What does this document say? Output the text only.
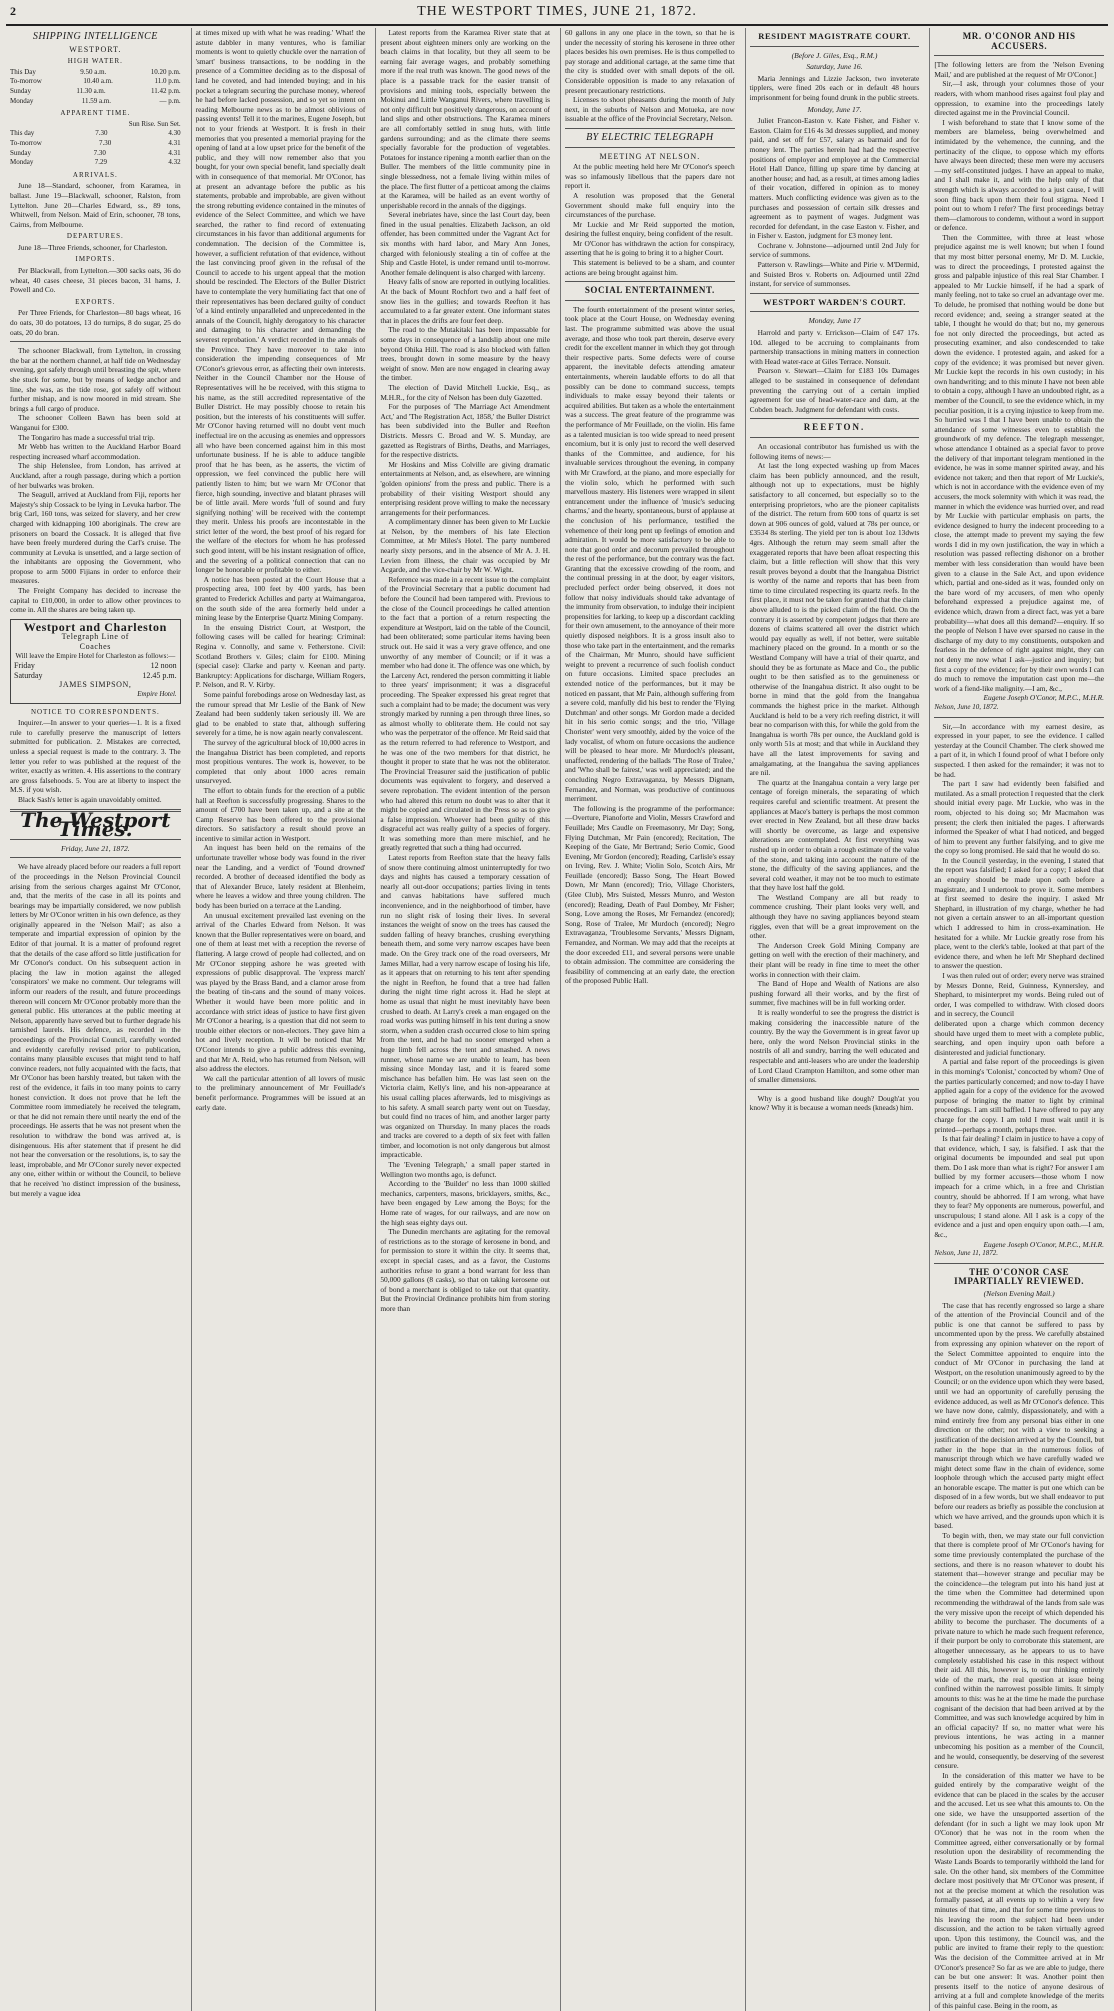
2	THE WESTPORT TIMES, JUNE 21, 1872.
SHIPPING INTELLIGENCE
WESTPORT.
HIGH WATER.
This Day	9.50 a.m.	10.20 p.m.
To-morrow	10.40 a.m.	11.0 p.m.
Sunday	11.30 a.m.	11.42 p.m.
Monday	11.59 a.m.	— p.m.
APPARENT TIME.
Sun Rise. Sun Set.
This day	7.30	4.30
To-morrow	7.30	4.31
Sunday	7.30	4.31
Monday	7.29	4.32
ARRIVALS.

June 18—Standard, schooner, from Karamea, in ballast. June 19—Blackwall, schooner, Ralston, from Lyttelton. June 20—Charles Edward, ss., 89 tons, Whitwell, from Nelson. Maid of Erin, schooner, 78 tons, Cairns, from Melbourne.

DEPARTURES.

June 18—Three Friends, schooner, for Charleston.

IMPORTS.

Per Blackwall, from Lyttelton.—300 sacks oats, 36 do wheat, 40 cases cheese, 31 pieces bacon, 31 hams, J. Powell and Co.

EXPORTS.

Per Three Friends, for Charleston—80 bags wheat, 16 do oats, 30 do potatoes, 13 do turnips, 8 do sugar, 25 do oats, 20 do bran.

The schooner Blackwall, from Lyttelton, in crossing the bar at the northern channel, at half tide on Wednesday evening, got safely through until breasting the spit, where she stuck for some, but by means of kedge anchor and line, she was, as the tide rose, got safely off without further mishap, and is now moored in mid stream. She brings a full cargo of produce.

The schooner Colleen Bawn has been sold at Wanganui for £300.

The Tongariro has made a successful trial trip.

Mr Webb has written to the Auckland Harbor Board respecting increased wharf accommodation.

The ship Helenslee, from London, has arrived at Auckland, after a rough passage, during which a portion of her bulwarks was broken.

The Seagull, arrived at Auckland from Fiji, reports her Majesty's ship Cossack to be lying in Levuka harbor. The brig Carl, 160 tons, was seized for slavery, and her crew charged with kidnapping 100 aboriginals. The crew are prisoners on board the Cossack. It is alleged that five have been freely murdered during the Carl's cruise. The community at Levuka is unsettled, and a large section of the inhabitants are opposing the Government, who propose to arm 5000 Fijians in order to enforce their measures.

The Freight Company has decided to increase the capital to £10,000, in order to allow other provinces to come in. All the shares are being taken up.

Westport and Charleston
Telegraph Line of
Coaches
Will leave the Empire Hotel for Charleston as follows:—
Friday	12 noon
Saturday	12.45 p.m.
JAMES SIMPSON,
Empire Hotel.
NOTICE TO CORRESPONDENTS.

Inquirer.—In answer to your queries—1. It is a fixed rule to carefully preserve the manuscript of letters submitted for publication. 2. Mistakes are corrected, unless a special request is made to the contrary. 3. The letter you refer to was published at the request of the writer, exactly as written. 4. His assertions to the contrary are gross falsehoods. 5. You are at liberty to inspect the M.S. if you wish.

Black Sash's letter is again unavoidably omitted.

The Westport Times.
Friday, June 21, 1872.

We have already placed before our readers a full report of the proceedings in the Nelson Provincial Council arising from the serious charges against Mr O'Conor, and, that the merits of the case in all its points and bearings may be impartially considered, we now publish letters by Mr O'Conor written in his own defence, as they originally appeared in the 'Nelson Mail'; as also a temperate and impartial expression of opinion by the Editor of that journal. It is a matter of profound regret that the details of the case afford so little justification for Mr O'Conor's conduct. On his subsequent action in placing the law in motion against the alleged 'conspirators' we make no comment. Our telegrams will inform our readers of the result, and future proceedings thereon will concern Mr O'Conor probably more than the general public. His utterances at the public meeting at Nelson, apparently have served but to further degrade his tarnished laurels. His defence, as recorded in the proceedings of the Provincial Council, carefully worded and evidently carefully revised prior to publication, contains many plausible excuses that might tend to half convince readers, not fully acquainted with the facts, that Mr O'Conor has been harshly treated, but taken with the rest of the evidence, it fails in too many points to carry honest conviction. It does not prove that he left the Committee room immediately he received the telegram, or that he did not remain there until nearly the end of the proceedings. He asserts that he was not present when the resolution to withdraw the bond was arrived at, is disingenuous. His after statement that if present he did not hear the conversation or the resolutions, is, to say the least, improbable, and Mr O'Conor surely never expected any one, either within or without the Council, to believe that he received 'no distinct impression of the business, but merely a vague idea

at times mixed up with what he was reading.' What! the astute dabbler in many ventures, who is familiar moments is wont to quietly chuckle over the narration of 'smart' business transactions, to be nodding in the presence of a Committee deciding as to the disposal of land he coveted, and had intended buying; and in his pocket a telegram securing the purchase money, whereof he had before lacked possession, and so yet so intent on reading Melbourne news as to be almost oblivious of passing events! Tell it to the marines, Eugene Joseph, but not to your friends at Westport. It is fresh in their memories that you presented a memorial praying for the opening of land at a low upset price for the benefit of the public, and they will now remember also that you bought, for your own special benefit, land specially dealt with in consequence of that memorial. Mr O'Conor, has at present an advantage before the public as his statements, probable and improbable, are given without the strong rebutting evidence contained in the minutes of evidence of the Select Committee, and which we have searched, the rather to find record of extenuating circumstances in his favor than additional arguments for condemnation. The decision of the Committee is, however, a sufficient refutation of that evidence, without the last convincing proof given in the refusal of the Council to accede to his urgent appeal that the motion should be rescinded. The Electors of the Buller District have to contemplate the very humiliating fact that one of their representatives has been declared guilty of conduct 'of a kind entirely unparalleled and unprecedented in the annals of the Council, highly derogatory to his character and damaging to his character and demanding the severest reprobation.' A verdict recorded in the annals of the Province. They have moreover to take into consideration the impending consequences of Mr O'Conor's grievous error, as affecting their own interests. Neither in the Council Chamber nor the House of Representatives will he be received, with this stigma to his name, as the still accredited representative of the Buller District. He may possibly choose to retain his position, but the interests of his constituents will suffer. Mr O'Conor having returned will no doubt vent much ineffectual ire on the accusing as enemies and oppressors all who have been concerned against him in this most unfortunate business. If he is able to adduce tangible proof that he has been, as he asserts, the victim of oppression, we feel convinced the public here will patiently listen to him; but we warn Mr O'Conor that fierce, high sounding, invective and blatant phrases will be of little avail. Mere words 'full of sound and fury signifying nothing' will be received with the contempt they merit. Unless his proofs are incontestable in the strict letter of the word, the best proof of his regard for the welfare of the electors for whom he has professed such good intent, will be his instant resignation of office, and the severing of a political connection that can no longer be honorable or profitable to either.

A notice has been posted at the Court House that a prospecting area, 100 feet by 400 yards, has been granted to Frederick Achilles and party at Waimangaroa, on the south side of the area formerly held under a mining lease by the Enterprise Quartz Mining Company.

In the ensuing District Court, at Westport, the following cases will be called for hearing: Criminal: Regina v. Connolly, and same v. Fetherstone. Civil: Scotland Brothers v. Giles; claim for £100. Mining (special case): Clarke and party v. Keenan and party. Bankruptcy: Applications for discharge, William Rogers, P. Nelson, and R. V. Kirby.

Some painful forebodings arose on Wednesday last, as the rumour spread that Mr Leslie of the Bank of New Zealand had been suddenly taken seriously ill. We are glad to be enabled to state that, although suffering severely for a time, he is now again nearly convalescent.

The survey of the agricultural block of 10,000 acres in the Inangahua District has been completed, and reports most propitious ventures. The work is, however, to be completed that only about 1000 acres remain unsurveyed.

The effort to obtain funds for the erection of a public hall at Reefton is successfully progressing. Shares to the amount of £700 have been taken up, and a site at the Camp Reserve has been offered to the provisional directors. So satisfactory a result should prove an incentive to similar action in Westport.

An inquest has been held on the remains of the unfortunate traveller whose body was found in the river near the Landing, and a verdict of 'Found drowned' recorded. A brother of deceased identified the body as that of Alexander Bruce, lately resident at Blenheim, where he leaves a widow and three young children. The body has been buried on a terrace at the Landing.

An unusual excitement prevailed last evening on the arrival of the Charles Edward from Nelson. It was known that the Buller representatives were on board, and one of them at least met with a reception the reverse of flattering. A large crowd of people had collected, and on Mr O'Conor stepping ashore he was greeted with expressions of public disapproval. The 'express march' was played by the Brass Band, and a clamor arose from the beating of tin-cans and the sound of many voices. Whether it would have been more politic and in accordance with strict ideas of justice to have first given Mr O'Conor a hearing, is a question that did not seem to trouble either electors or non-electors. They gave him a hot and lively reception. It will be noticed that Mr O'Conor intends to give a public address this evening, and that Mr A. Reid, who has returned from Nelson, will also address the electors.

We call the particular attention of all lovers of music to the preliminary announcement of Mr Feuillade's benefit performance. Programmes will be issued at an early date.

Latest reports from the Karamea River state that at present about eighteen miners only are working on the beach claims in that locality, but they all seem to be earning fair average wages, and probably something more if the real truth was known. The good news of the place is a passable track for the easier transit of provisions and mining tools, especially between the Mokinui and Little Wanganui Rivers, where travelling is not only difficult but positively dangerous, on account of land slips and other obstructions. The Karamea miners are all comfortably settled in snug huts, with little gardens surrounding; and as the climate there seems specially favorable for the production of vegetables. Potatoes for instance ripening a month earlier than on the Buller. The members of the little community pine in single blessedness, not a female living within miles of the place. The first flutter of a petticoat among the claims at the Karamea, will be hailed as an event worthy of unperishable record in the annals of the diggings.

Several inebriates have, since the last Court day, been fined in the usual penalties. Elizabeth Jackson, an old offender, has been committed under the Vagrant Act for six months with hard labor, and Mary Ann Jones, charged with feloniously stealing a tin of coffee at the Ship and Castle Hotel, is under remand until to-morrow. Another female delinquent is also charged with larceny.

Heavy falls of snow are reported in outlying localities. At the back of Mount Rochfort two and a half feet of snow lies in the gullies; and towards Reefton it has accumulated to a far greater extent. One informant states that in places the drifts are four feet deep.

The road to the Mutakitaki has been impassable for some days in consequence of a landslip about one mile beyond Ohika Hill. The road is also blocked with fallen trees, brought down in some measure by the heavy weight of snow. Men are now engaged in clearing away the timber.

The election of David Mitchell Luckie, Esq., as M.H.R., for the city of Nelson has been duly Gazetted.

For the purposes of 'The Marriage Act Amendment Act,' and 'The Registration Act, 1858,' the Buller District has been subdivided into the Buller and Reefton Districts. Messrs C. Broad and W. S. Munday, are gazetted as Registrars of Births, Deaths, and Marriages, for the respective districts.

Mr Hoskins and Miss Colville are giving dramatic entertainments at Nelson, and, as elsewhere, are winning 'golden opinions' from the press and public. There is a probability of their visiting Westport should any enterprising resident prove willing to make the necessary arrangements for their performances.

A complimentary dinner has been given to Mr Luckie at Nelson, by the members of his late Election Committee, at Mr Miles's Hotel. The party numbered nearly sixty persons, and in the absence of Mr A. J. H. Levien from illness, the chair was occupied by Mr Acgarde, and the vice-chair by Mr W. Wight.

Reference was made in a recent issue to the complaint of the Provincial Secretary that a public document had before the Council had been tampered with. Previous to the close of the Council proceedings he called attention to the fact that a portion of a return respecting the expenditure at Westport, laid on the table of the Council, had been obliterated; some particular items having been struck out. He said it was a very grave offence, and one unworthy of any member of Council; or if it was a member who had done it. The offence was one which, by the Larceny Act, rendered the person committing it liable to three years' imprisonment; it was a disgraceful proceeding. The Speaker expressed his great regret that such a complaint had to be made; the document was very strongly marked by running a pen through three lines, so as almost wholly to obliterate them. He could not say who was the perpetrator of the offence. Mr Reid said that as the return referred to had reference to Westport, and he was one of the two members for that district, he thought it proper to state that he was not the obliterator. The Provincial Treasurer said the justification of public documents was equivalent to forgery, and deserved a severe reprobation. The evident intention of the person who had altered this return no doubt was to alter that it might be copied and circulated in the Press so as to give a false impression. Whoever had been guilty of this disgraceful act was really guilty of a species of forgery. It was something more than mere mischief, and he greatly regretted that such a thing had occurred.

Latest reports from Reefton state that the heavy falls of snow there continuing almost uninterruptedly for two days and nights has caused a temporary cessation of nearly all out-door occupations; parties living in tents and canvas habitations have suffered much inconvenience, and in the neighborhood of timber, have run no slight risk of losing their lives. In several instances the weight of snow on the trees has caused the sudden falling of heavy branches, crushing everything beneath them, and some very narrow escapes have been made. On the Grey track one of the road overseers, Mr James Millar, had a very narrow escape of losing his life, as it appears that on returning to his tent after spending the night in Reefton, he found that a tree had fallen during the night time right across it. Had he slept at home as usual that night he must inevitably have been crushed to death. At Larry's creek a man engaged on the road works was putting himself in his tent during a snow storm, when a sudden crash occurred close to him spring from the tent, and he had no sooner emerged when a huge limb fell across the tent and smashed. A news runner, whose name we are unable to learn, has been missing since Monday last, and it is feared some mischance has befallen him. He was last seen on the Victoria claim, Kelly's line, and his non-appearance at his usual calling places afterwards, led to misgivings as to his safety. A small search party went out on Tuesday, but could find no traces of him, and another larger party was organized on Thursday. In many places the roads and tracks are covered to a depth of six feet with fallen timber, and locomotion is not only dangerous but almost impracticable.

The 'Evening Telegraph,' a small paper started in Wellington two months ago, is defunct.

According to the 'Builder' no less than 1000 skilled mechanics, carpenters, masons, bricklayers, smiths, &c., have been engaged by Lew among the Boys; for the Home rate of wages, for our railways, and are now on the high seas eighty days out.

The Dunedin merchants are agitating for the removal of restrictions as to the storage of kerosene in bond, and for permission to store it within the city. It seems that, except in special cases, and as a favor, the Customs authorities refuse to grant a bond warrant for less than 50,000 gallons (8 casks), so that on taking kerosene out of bond a merchant is obliged to take out that quantity. But the Provincial Ordinance prohibits him from storing more than

60 gallons in any one place in the town, so that he is under the necessity of storing his kerosene in three other places besides his own premises. He is thus compelled to pay storage and additional cartage, at the same time that the city is studded over with small depots of the oil. Considerable opposition is made to any relaxation of present precautionary restrictions.

Licenses to shoot pheasants during the month of July next, in the suburbs of Nelson and Motueka, are now issuable at the office of the Provincial Secretary, Nelson.

BY ELECTRIC TELEGRAPH
MEETING AT NELSON.

At the public meeting held here Mr O'Conor's speech was so infamously libellous that the papers dare not report it.

A resolution was proposed that the General Government should make full enquiry into the circumstances of the purchase.

Mr Luckie and Mr Reid supported the motion, desiring the fullest enquiry, being confident of the result.

Mr O'Conor has withdrawn the action for conspiracy, asserting that he is going to bring it to a higher Court.

This statement is believed to be a sham, and counter actions are being brought against him.

SOCIAL ENTERTAINMENT.

The fourth entertainment of the present winter series, took place at the Court House, on Wednesday evening last. The programme submitted was above the usual average, and those who took part therein, deserve every credit for the excellent manner in which they got through their respective parts. Some defects were of course apparent, the inevitable defects attending amateur entertainments, wherein laudable efforts to do all that possibly can be done to command success, tempts individuals to make essay beyond their talents or acquired abilities. But taken as a whole the entertainment was a success. The great feature of the programme was the performance of Mr Feuillade, on the violin. His fame as a talented musician is too wide spread to need present encomium, but it is only just to record the well deserved thanks of the Committee, and audience, for his invaluable services throughout the evening, in company with Mr Crawford, at the piano, and more especially for the violin solo, which he performed with such marvellous mastery. His listeners were wrapped in silent entrancement under the influence of 'music's seducing charms,' and the hearty, spontaneous, burst of applause at the conclusion of his performance, testified the vehemence of their long pent up feelings of emotion and admiration. It would be more satisfactory to be able to note that good order and decorum prevailed throughout the rest of the performance, but the contrary was the fact. Granting that the excessive crowding of the room, and the continual pressing in at the door, by eager visitors, precluded perfect order being observed, it does not follow that noisy individuals should take advantage of the immunity from observation, to indulge their incipient propensities for larking, to keep up a discordant cackling for their own amusement, to the annoyance of their more quietly disposed neighbors. It is a gross insult also to those who take part in the entertainment, and the remarks of the Chairman, Mr Munro, should have sufficient weight to prevent a recurrence of such foolish conduct on future occasions. Limited space precludes an extended notice of the performances, but it may be noticed en passant, that Mr Pain, although suffering from a severe cold, manfully did his best to render the 'Flying Dutchman' and other songs. Mr Gordon made a decided hit in his serio comic songs; and the trio, 'Village Chorister' went very smoothly, aided by the voice of the lady vocalist, of whom on future occasions the audience will be pleased to hear more. Mr Murdoch's pleasant, unaffected, rendering of the ballads 'The Rose of Tralee,' and 'Who shall be fairest,' was well appreciated; and the concluding Negro Extravaganza, by Messrs Dignam, Fernandez, and Norman, was productive of continuous merriment.

The following is the programme of the performance:—Overture, Pianoforte and Violin, Messrs Crawford and Feuillade; Mrs Caudle on Freemasonry, Mr Day; Song, Flying Dutchman, Mr Pain (encored); Recitation, The Keeping of the Gate, Mr Bertrand; Serio Comic, Good Evening, Mr Gordon (encored); Reading, Carlisle's essay on Irving, Rev. J. White; Violin Solo, Scotch Airs, Mr Feuillade (encored); Basso Song, The Heart Bowed Down, Mr Mann (encored); Trio, Village Choristers, (Glee Club), Mrs Suisted, Messrs Munro, and Weston (encored); Reading, Death of Paul Dombey, Mr Fisher; Song, Love among the Roses, Mr Fernandez (encored); Song, Rose of Tralee, Mr Murdoch (encored); Negro Extravaganza, 'Troublesome Servants,' Messrs Dignam, Fernandez, and Norman. We may add that the receipts at the door exceeded £11, and several persons were unable to obtain admission. The committee are considering the feasibility of commencing at an early date, the erection of the proposed Public Hall.

RESIDENT MAGISTRATE COURT.
(Before J. Giles, Esq., R.M.)
Saturday, June 16.

Maria Jennings and Lizzie Jackson, two inveterate tipplers, were fined 20s each or in default 48 hours imprisonment for being found drunk in the public streets.

Monday, June 17.

Juliet Francon-Easton v. Kate Fisher, and Fisher v. Easton. Claim for £16 4s 3d dresses supplied, and money paid, and set off for £57, salary as barmaid and for money lent. The parties herein had had the respective positions of employer and employee at the Commercial Hotel Hall Dance, filling up spare time by dancing at another house; and had, as a result, at times among ladies of their vocation, differed in opinion as to money matters. Much conflicting evidence was given as to the purchases and possession of certain silk dresses and agreement as to payment of wages. Judgment was recorded for defendant, in the case Easton v. Fisher, and in Fisher v. Easton, judgment for £3 money lent.

Cochrane v. Johnstone—adjourned until 2nd July for service of summons.

Patterson v. Rawlings—White and Pirie v. M'Dermid, and Suisted Bros v. Roberts on. Adjourned until 22nd instant, for service of summonses.

WESTPORT WARDEN'S COURT.
Monday, June 17

Harrold and party v. Errickson—Claim of £47 17s. 10d. alleged to be accruing to complainants from partnership transactions in mining matters in connection with Head water-race at Giles Terrace. Nonsuit.

Pearson v. Stewart—Claim for £183 10s Damages alleged to be sustained in consequence of defendant preventing the carrying out of a certain implied agreement for use of head-water-race and dam, at the Cobden beach. Judgment for defendant with costs.

REEFTON.

An occasional contributor has furnished us with the following items of news:—

At last the long expected washing up from Maces claim has been publicly announced, and the result, although not up to expectations, must be highly satisfactory to all concerned, but especially so to the enterprising proprietors, who are the pioneer capitalists of the district. The return from 600 tons of quartz is set down at 906 ounces of gold, valued at 78s per ounce, or £3534 8s sterling. The yield per ton is about 1oz 13dwts 4grs. Although the return may seem small after the exaggerated reports that have been afloat respecting this claim, but a little reflection will show that this very result proves beyond a doubt that the Inangahua District is worthy of the name and reports that has been from time to time circulated respecting its quartz reefs. In the first place, it must not be taken for granted that the claim above alluded to is the picked claim of the field. On the contrary it is asserted by competent judges that there are dozens of claims scattered all over the district which would pay equally as well, if not better, were suitable machinery placed on the ground. In a month or so the Westland Company will have a trial of their quartz, and should they be as fortunate as Mace and Co., the public ought to be then satisfied as to the genuineness or otherwise of the Inangahua district. It also ought to be borne in mind that the gold from the Inangahua commands the highest price in the market. Although Auckland is held to be a very rich reefing district, it will bear no comparison with this, for while the gold from the Inangahua is worth 78s per ounce, the Auckland gold is only worth 51s at most; and that while in Auckland they have all the latest improvements for saving and amalgamating, at the Inangahua the saving appliances are nil.

The quartz at the Inangahua contain a very large per centage of foreign minerals, the separating of which requires careful and scientific treatment. At present the appliances at Mace's battery is perhaps the most common ever erected in New Zealand, but all these draw backs will shortly be overcome, as large and expensive alterations are contemplated. At first everything was rushed up in order to obtain a rough estimate of the value of the stone, and taking into account the nature of the stone, the difficulty of the saving appliances, and the several cold weather, it may not be too much to estimate that they have lost half the gold.

The Westland Company are all but ready to commence crushing. Their plant looks very well, and although they have no saving appliances beyond steam riggles, even that will be a great improvement on the other.

The Anderson Creek Gold Mining Company are getting on well with the erection of their machinery, and their plant will be ready in fine time to meet the other works in connection with their claim.

The Band of Hope and Wealth of Nations are also pushing forward all their works, and by the first of summer, five machines will be in full working order.

It is really wonderful to see the progress the district is making considering the inaccessible nature of the country. By the way the Government is in great favor up here, only the word Nelson Provincial stinks in the nostrils of all and sundry, barring the well educated and respectable and anti-leasers who are under the leadership of Lord Claud Crampton Hamilton, and some other man of smaller dimensions.

Why is a good husband like dough? Dough'at you know? Why it is because a woman needs (kneads) him.

MR. O'CONOR AND HIS ACCUSERS.

[The following letters are from the 'Nelson Evening Mail,' and are published at the request of Mr O'Conor.]

Sir,—I ask, through your columnes those of your readers, with whom manhood rises against foul play and oppression, to examine into the proceedings lately directed against me in the Provincial Council.

I wish beforehand to state that I know some of the members are blameless, being overwhelmed and intimidated by the vehemence, the cunning, and the pertinacity of the clique, to oppose which my efforts have always been directed; these men were my accusers —my self-constituted judges. I have an appeal to make, and I shall make it, and with the help only of that strength which is always accorded to a just cause, I will soon fling back upon them their foul stigma. Need I point out to whom I refer? The first proceedings betray them—clamorous to condemn, without a word in support or defence.

Then the Committee, with three at least whose prejudice against me is well known; but when I found that my most bitter personal enemy, Mr D. M. Luckie, was to direct the proceedings, I protested against the gross and palpable injustice of this real Star Chamber. I appealed to Mr Luckie himself, if he had a spark of manly feeling, not to take so cruel an advantage over me. To delude, he promised that nothing would be done but record evidence; and, seeing a stranger seated at the table, I thought he would do that; but no, my generous foe not only directed the proceedings, but acted as prosecuting examiner, and also condescended to take down the evidence. I protested again, and asked for a copy of the evidence; it was promised but never given. Mr Luckie kept the records in his own custody; in his own handwriting; and to this minute I have not been able to obtain a copy, although I have an undoubted right, as a member of the Council, to see the evidence which, in my peculiar position, it is a crying injustice to keep from me. So hurried was I that I have been unable to obtain the attendance of some witnesses even to establish the groundwork of my defence. The telegraph messenger, whose attendance I obtained as a special favor to prove the delivery of that important telegram mentioned in the evidence, he was in some manner spirited away, and his evidence not taken; and then that report of Mr Luckie's, which is not in accordance with the evidence even of my accusers, the mock solemnity with which it was read, the manner in which the evidence was hurried over, and read by Mr Luckie with particular emphasis on parts, the evidence designed to hurry the indecent proceeding to a close, the attempt made to prevent my saying the few words I did in my own justification, the way in which a resolution was passed reflecting dishonor on a brother member with less consideration than would have been given to a clause in the Sale Act, and upon evidence which, partial and one-sided as it was, founded only on the bare word of my accusers, of men who openly beforehand expressed a prejudice against me, of evidence which, drawn from a direct fact, was yet a bare probability—what does all this demand?—enquiry. If so the people of Nelson I have ever sparsed no cause in the discharge of my duty to my constituents, outspoken and fearless in the defence of right against might, they can not deny me now what I ask—justice and inquiry; but first a copy of the evidence; for by their own words I can do much to remove the imputation cast upon me—the work of a fiend-like malignity.—I am, &c.,

Eugene Joseph O'Conor, M.P.C., M.H.R.
Nelson, June 10, 1872.

Sir,—In accordance with my earnest desire, as expressed in your paper, to see the evidence. I called yesterday at the Council Chamber. The clerk showed me a part of it, in which I found proof of what I before only suspected. I then asked for the remainder; it was not to be had.

The part I saw had evidently been falsified and mutilated. As a small protection I requested that the clerk should initial every page. Mr Luckie, who was in the room, objected to his doing so; Mr Macmahon was present; the clerk then initialed the pages. I afterwards informed the Speaker of what I had noticed, and begged of him to prevent any further falsifying, and to give me the copy so long promised. He said that he would do so.

In the Council yesterday, in the evening, I stated that the report was falsified; I asked for a copy; I asked that an enquiry should be made upon oath before a magistrate, and I undertook to prove it. Some members at first seemed to desire the inquiry. I asked Mr Shephard, in illustration of my charge, whether he had not given a certain answer to an all-important question which I addressed to him in cross-examination. He hesitated for a while. Mr Luckie greatly rose from his place, went to the clerk's table, looked at that part of the evidence there, and when he left Mr Shephard declined to answer the question.

I was then ruled out of order; every nerve was strained by Messrs Donne, Reid, Guinness, Kynnersley, and Shephard, to misinterpret my words. Being ruled out of order, I was compelled to withdraw. With closed doors and in secrecy, the Council

deliberated upon a charge which common decency should have urged them to meet with a complete public, searching, and open inquiry upon oath before a disinterested and judicial functionary.

A partial and false report of the proceedings is given in this morning's 'Colonist,' concocted by whom? One of the parties particularly concerned; and now to-day I have applied again for a copy of the evidence for the avowed purpose of bringing the matter to light by criminal proceedings. I am still baffled. I have offered to pay any charge for the copy. I am told I must wait until it is printed—perhaps a month, perhaps three.

Is that fair dealing? I claim in justice to have a copy of that evidence, which, I say, is falsified. I ask that the original documents be impounded and seal put upon them. Do I ask more than what is right? For answer I am bullied by my former accusers—those whom I now impeach for a crime which, in a free and Christian country, should be abhorred. If I am wrong, what have they to fear? My opponents are numerous, powerful, and unscrupulous; I stand alone. All I ask is a copy of the evidence and a just and open enquiry upon oath.—I am, &c.,

Eugene Joseph O'Conor, M.P.C., M.H.R.
Nelson, June 11, 1872.
THE O'CONOR CASE IMPARTIALLY REVIEWED.
(Nelson Evening Mail.)

The case that has recently engrossed so large a share of the attention of the Provincial Council and of the public is one that cannot be suffered to pass by uncommented upon by the press. We carefully abstained from expressing any opinion whatever on the report of the Select Committee appointed to enquire into the conduct of Mr O'Conor in purchasing the land at Westport, on the resolution unanimously agreed to by the Council; or on the evidence upon which they were based, until we had an opportunity of carefully perusing the evidence adduced, as well as Mr O'Conor's defence. This we have now done, calmly, dispassionately, and with a mind entirely free from any personal bias either in one direction or the other; not with a view to seeking a justification of the decision arrived at by the Council, but rather in the hope that in the numerous folios of manuscript through which we have carefully waded we might detect some flaw in the chain of evidence, some loophole through which the accused party might effect an honorable escape. The matter is put one which can be disposed of in a few words, but we shall endeavor to put before our readers as briefly as possible the conclusion at which we have arrived, and the grounds upon which it is based.

To begin with, then, we may state our full conviction that there is complete proof of Mr O'Conor's having for some time previously contemplated the purchase of the sections, and there is no reason whatever to doubt his statement that—however strange and peculiar may be the coincidence—the telegram put into his hand just at the time when the Committee had determined upon recommending the withdrawal of the lands from sale was the very missive upon the receipt of which depended his ability to become the purchaser. The documents of a private nature to which he made such frequent reference, if their purport be only to corroborate this statement, are altogether unnecessary, as he appears to us to have completely established his case in this respect without their aid. All this, however is, to our thinking entirely wide of the mark, the real question at issue being confined within the narrowest possible limits. It simply amounts to this: was he at the time he made the purchase cognisant of the decision that had been arrived at by the Committee, and was such knowledge acquired by him in an official capacity? If so, no matter what were his previous intentions, he was acting in a manner unbecoming his position as a member of the Council, and he would, consequently, be deserving of the severest censure.

In the consideration of this matter we have to be guided entirely by the comparative weight of the evidence that can be placed in the scales by the accuser and the accused. Let us see what this amounts to. On the one side, we have the unsupported assertion of the defendant (for in such a light we may look upon Mr O'Conor) that he was not in the room when the Committee agreed, either conversationally or by formal resolution upon the desirability of recommending the Waste Lands Boards to temporarily withhold the land for sale. On the other hand, six members of the Committee declare most positively that Mr O'Conor was present, if not at the precise moment at which the resolution was formally passed, at all events up to within a very few minutes of that time, and that for some time previous to his leaving the room the subject had been under discussion, and the action to be taken virtually agreed upon. Upon this testimony, the Council was, and the public are invited to frame their reply to the question: Was the decision of the Committee arrived at in Mr O'Conor's presence? So far as we are able to judge, there can be but one answer: It was. Another point then presents itself to the notice of anyone desirous of arriving at a full and complete knowledge of the merits of this painful case. Being in the room, as
